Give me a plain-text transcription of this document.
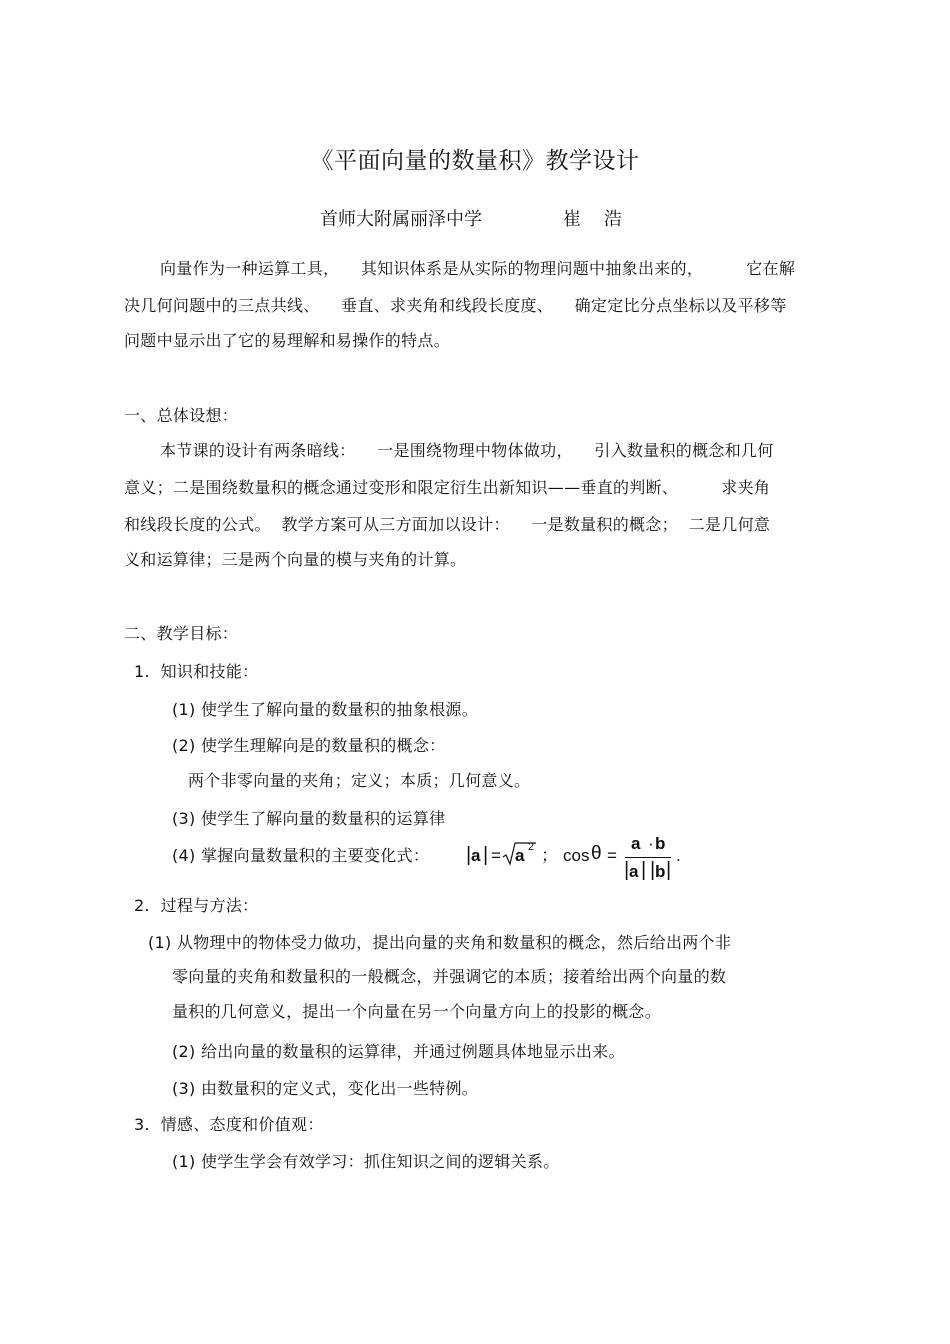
《平面向量的数量积》教学设计
首师大附属丽泽中学	崔    浩
向量作为一种运算工具，    其知识体系是从实际的物理问题中抽象出来的，        它在解
决几何问题中的三点共线、    垂直、求夹角和线段长度度、    确定定比分点坐标以及平移等
问题中显示出了它的易理解和易操作的特点。
一、总体设想：
本节课的设计有两条暗线：    一是围绕物理中物体做功，    引入数量积的概念和几何
意义；二是围绕数量积的概念通过变形和限定衍生出新知识——垂直的判断、        求夹角
和线段长度的公式。  教学方案可从三方面加以设计：    一是数量积的概念；  二是几何意
义和运算律；三是两个向量的模与夹角的计算。
二、教学目标：
1.  知识和技能：
(1) 使学生了解向量的数量积的抽象根源。
(2) 使学生理解向是的数量积的概念：
两个非零向量的夹角；定义；本质；几何意义。
(3) 使学生了解向量的数量积的运算律
(4) 掌握向量数量积的主要变化式： | a | = a 2 ； cos θ =
a · b
| a | | b |
.
2.  过程与方法：
(1) 从物理中的物体受力做功，提出向量的夹角和数量积的概念，然后给出两个非
零向量的夹角和数量积的一般概念，并强调它的本质；接着给出两个向量的数
量积的几何意义，提出一个向量在另一个向量方向上的投影的概念。
(2) 给出向量的数量积的运算律，并通过例题具体地显示出来。
(3) 由数量积的定义式，变化出一些特例。
3.  情感、态度和价值观：
(1) 使学生学会有效学习：抓住知识之间的逻辑关系。
